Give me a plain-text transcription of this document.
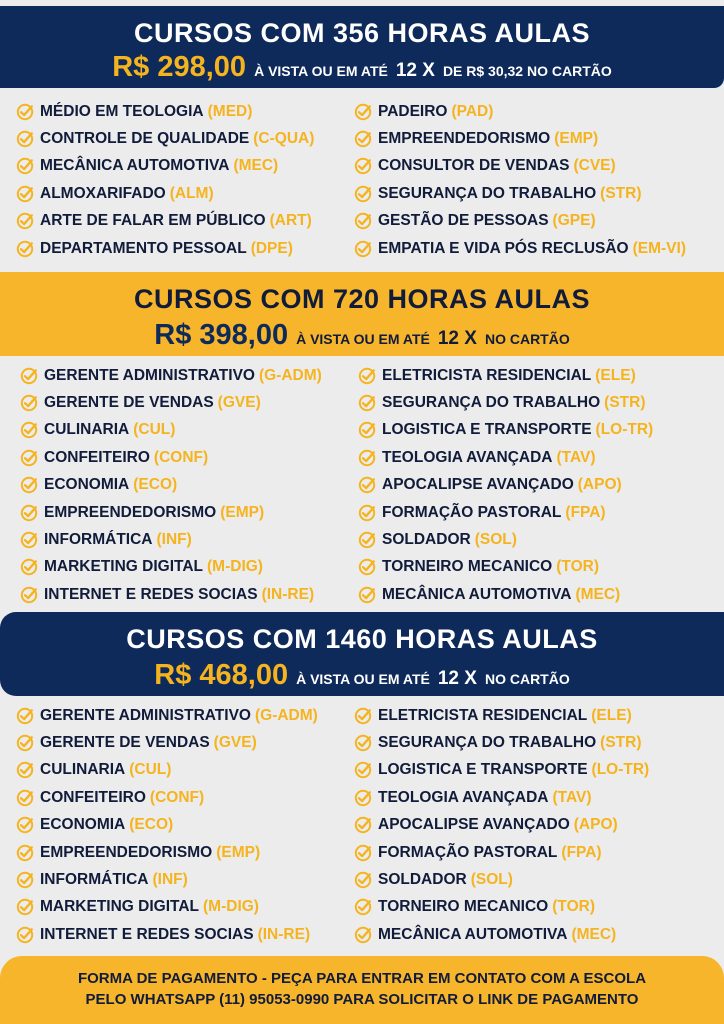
CURSOS COM 356 HORAS AULAS
R$ 298,00 À VISTA OU EM ATÉ 12 X DE R$ 30,32 NO CARTÃO
MÉDIO EM TEOLOGIA (MED)
CONTROLE DE QUALIDADE (C-QUA)
MECÂNICA AUTOMOTIVA (MEC)
ALMOXARIFADO (ALM)
ARTE DE FALAR EM PÚBLICO (ART)
DEPARTAMENTO PESSOAL (DPE)
PADEIRO (PAD)
EMPREENDEDORISMO (EMP)
CONSULTOR DE VENDAS (CVE)
SEGURANÇA DO TRABALHO (STR)
GESTÃO DE PESSOAS (GPE)
EMPATIA E VIDA PÓS RECLUSÃO (EM-VI)
CURSOS COM 720 HORAS AULAS
R$ 398,00 À VISTA OU EM ATÉ 12 X NO CARTÃO
GERENTE ADMINISTRATIVO (G-ADM)
GERENTE DE VENDAS (GVE)
CULINARIA (CUL)
CONFEITEIRO (CONF)
ECONOMIA (ECO)
EMPREENDEDORISMO (EMP)
INFORMÁTICA (INF)
MARKETING DIGITAL (M-DIG)
INTERNET E REDES SOCIAS (IN-RE)
ELETRICISTA RESIDENCIAL (ELE)
SEGURANÇA DO TRABALHO (STR)
LOGISTICA E TRANSPORTE (LO-TR)
TEOLOGIA AVANÇADA (TAV)
APOCALIPSE AVANÇADO (APO)
FORMAÇÃO PASTORAL (FPA)
SOLDADOR (SOL)
TORNEIRO MECANICO (TOR)
MECÂNICA AUTOMOTIVA (MEC)
CURSOS COM 1460 HORAS AULAS
R$ 468,00 À VISTA OU EM ATÉ 12 X NO CARTÃO
GERENTE ADMINISTRATIVO (G-ADM)
GERENTE DE VENDAS (GVE)
CULINARIA (CUL)
CONFEITEIRO (CONF)
ECONOMIA (ECO)
EMPREENDEDORISMO (EMP)
INFORMÁTICA (INF)
MARKETING DIGITAL (M-DIG)
INTERNET E REDES SOCIAS (IN-RE)
ELETRICISTA RESIDENCIAL (ELE)
SEGURANÇA DO TRABALHO (STR)
LOGISTICA E TRANSPORTE (LO-TR)
TEOLOGIA AVANÇADA (TAV)
APOCALIPSE AVANÇADO (APO)
FORMAÇÃO PASTORAL (FPA)
SOLDADOR (SOL)
TORNEIRO MECANICO (TOR)
MECÂNICA AUTOMOTIVA (MEC)
FORMA DE PAGAMENTO - PEÇA PARA ENTRAR EM CONTATO COM A ESCOLA
PELO WHATSAPP (11) 95053-0990 PARA SOLICITAR O LINK DE PAGAMENTO
